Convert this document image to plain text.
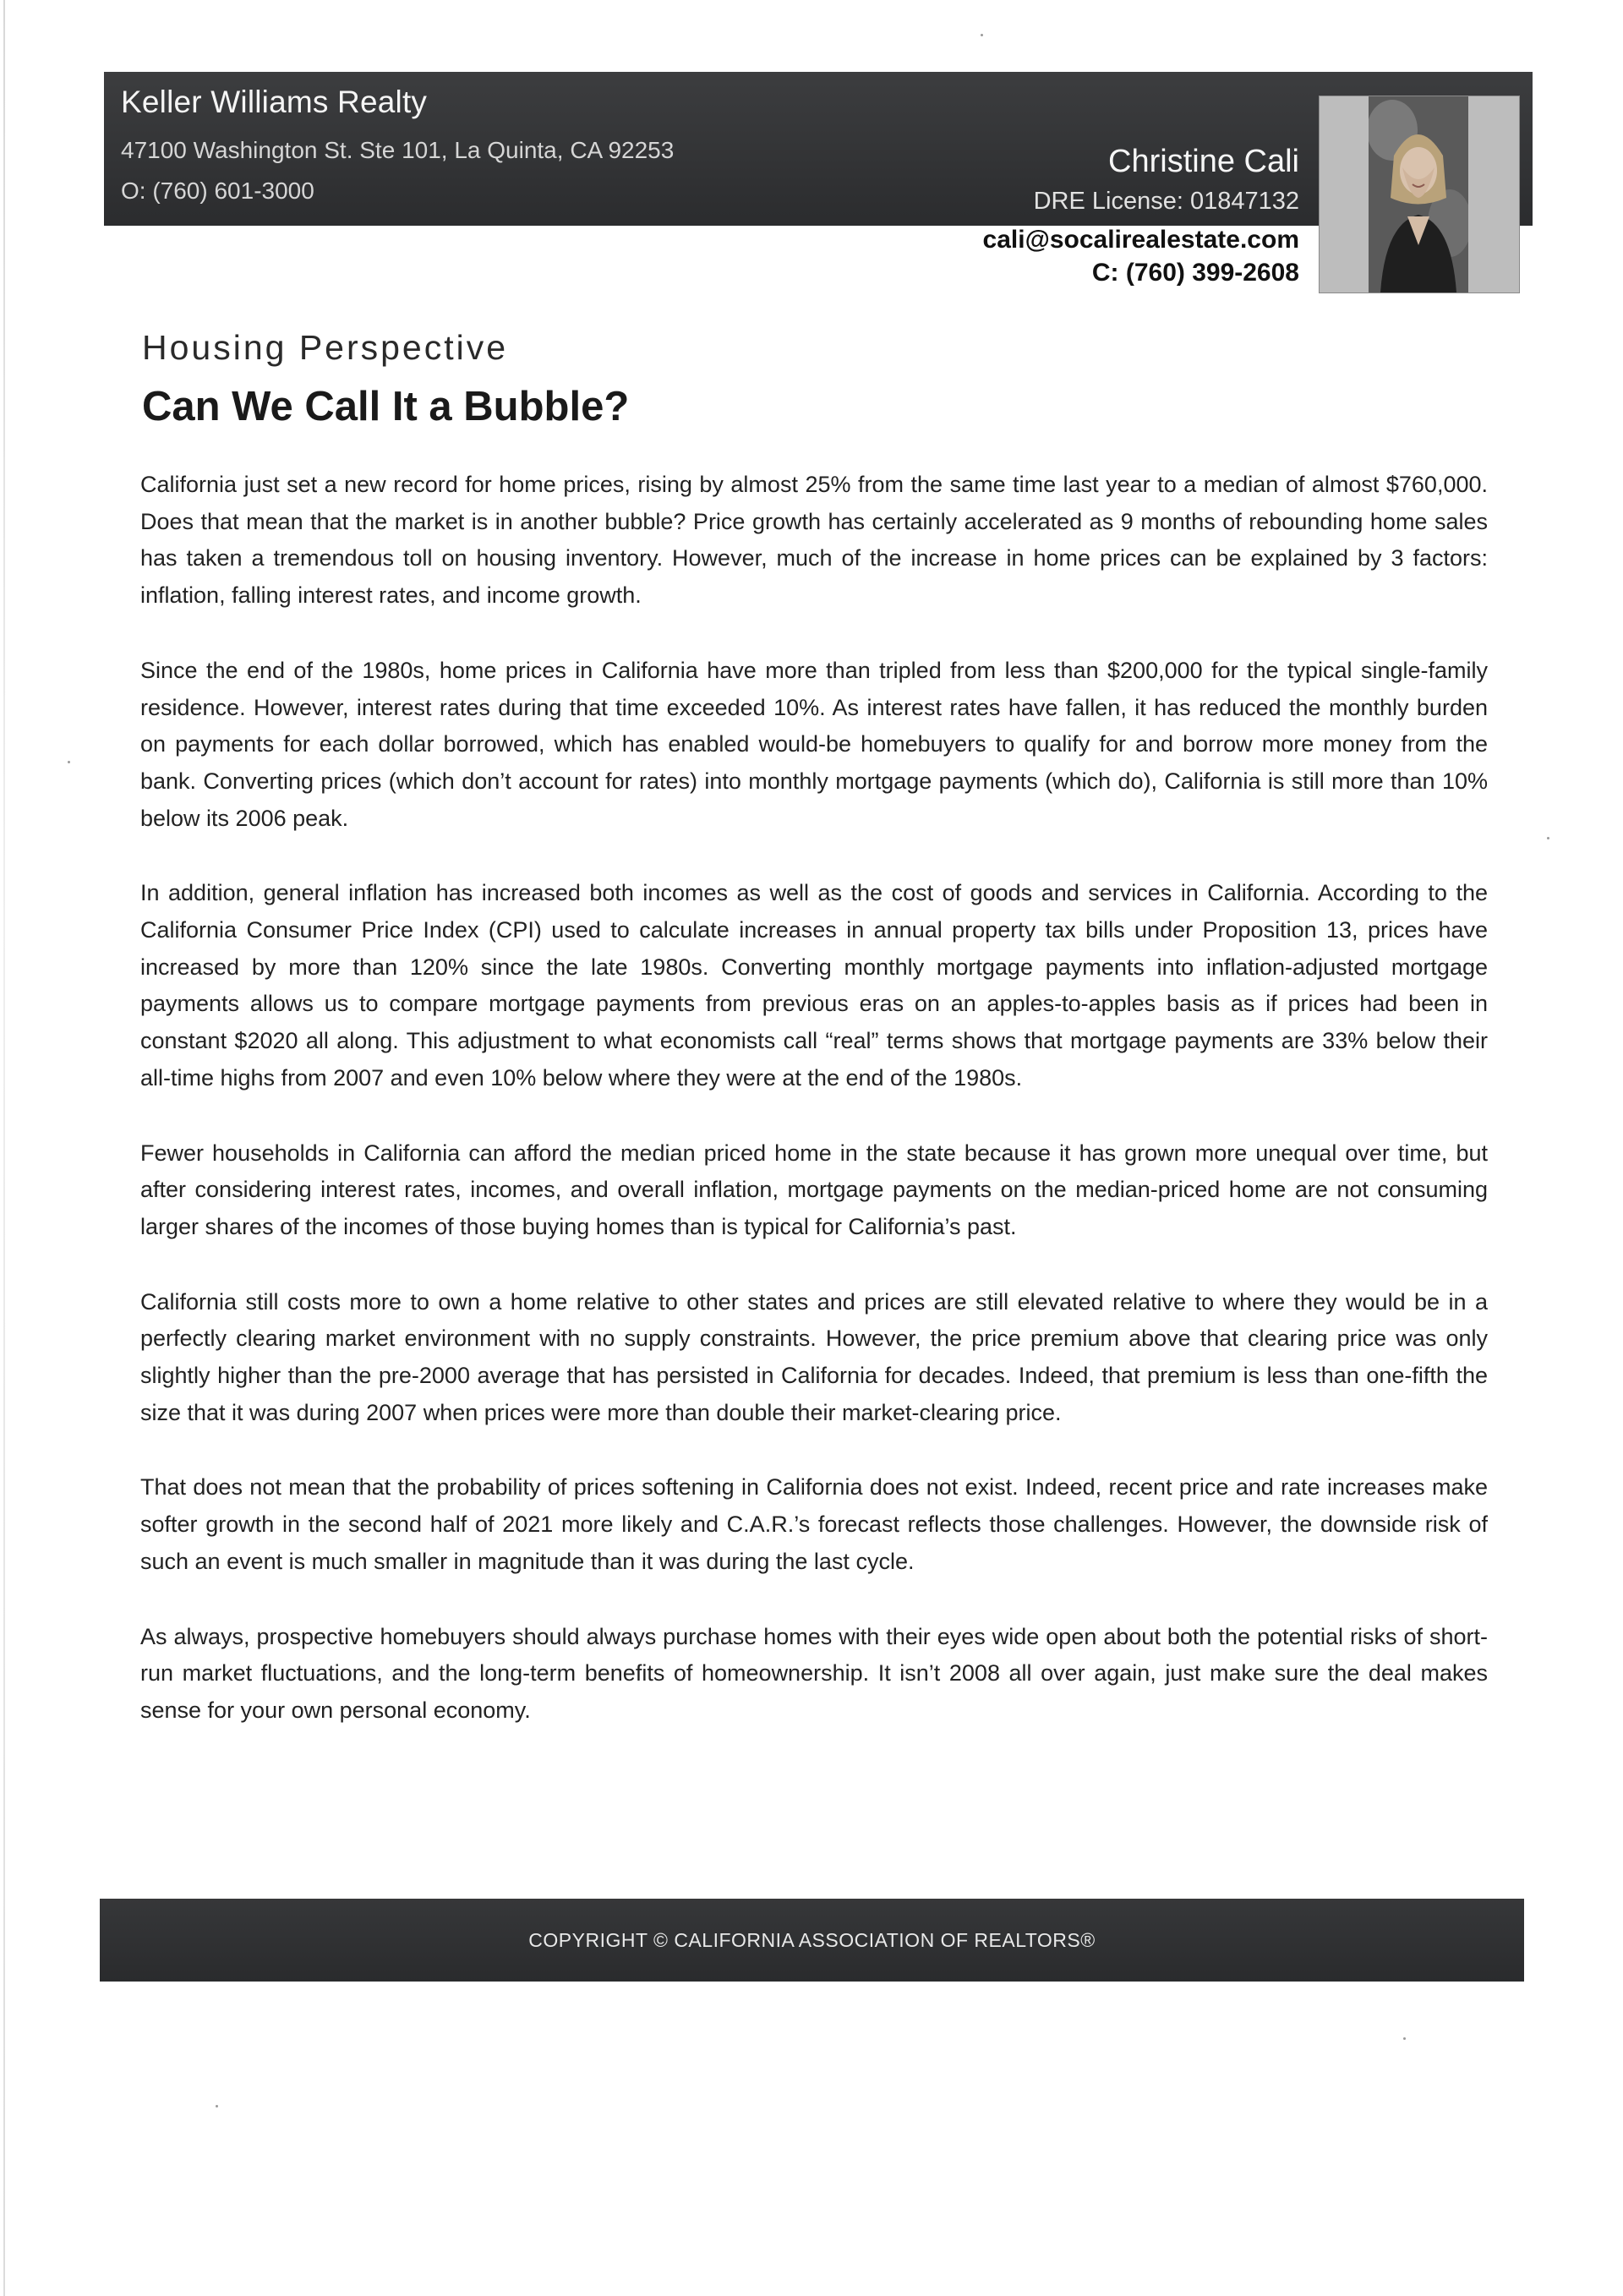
Keller Williams Realty
47100 Washington St. Ste 101, La Quinta, CA 92253
O: (760) 601-3000
Christine Cali
DRE License: 01847132
cali@socalirealestate.com
C: (760) 399-2608
Housing Perspective
Can We Call It a Bubble?

California just set a new record for home prices, rising by almost 25% from the same time last year to a median of almost $760,000. Does that mean that the market is in another bubble? Price growth has certainly accelerated as 9 months of rebounding home sales has taken a tremendous toll on housing inventory. However, much of the increase in home prices can be explained by 3 factors: inflation, falling interest rates, and income growth.

Since the end of the 1980s, home prices in California have more than tripled from less than $200,000 for the typical single-family residence. However, interest rates during that time exceeded 10%. As interest rates have fallen, it has reduced the monthly burden on payments for each dollar borrowed, which has enabled would-be homebuyers to qualify for and borrow more money from the bank. Converting prices (which don’t account for rates) into monthly mortgage payments (which do), California is still more than 10% below its 2006 peak.

In addition, general inflation has increased both incomes as well as the cost of goods and services in California. According to the California Consumer Price Index (CPI) used to calculate increases in annual property tax bills under Proposition 13, prices have increased by more than 120% since the late 1980s. Converting monthly mortgage payments into inflation-adjusted mortgage payments allows us to compare mortgage payments from previous eras on an apples-to-apples basis as if prices had been in constant $2020 all along. This adjustment to what economists call “real” terms shows that mortgage payments are 33% below their all-time highs from 2007 and even 10% below where they were at the end of the 1980s.

Fewer households in California can afford the median priced home in the state because it has grown more unequal over time, but after considering interest rates, incomes, and overall inflation, mortgage payments on the median-priced home are not consuming larger shares of the incomes of those buying homes than is typical for California’s past.

California still costs more to own a home relative to other states and prices are still elevated relative to where they would be in a perfectly clearing market environment with no supply constraints. However, the price premium above that clearing price was only slightly higher than the pre-2000 average that has persisted in California for decades. Indeed, that premium is less than one-fifth the size that it was during 2007 when prices were more than double their market-clearing price.

That does not mean that the probability of prices softening in California does not exist. Indeed, recent price and rate increases make softer growth in the second half of 2021 more likely and C.A.R.’s forecast reflects those challenges. However, the downside risk of such an event is much smaller in magnitude than it was during the last cycle.

As always, prospective homebuyers should always purchase homes with their eyes wide open about both the potential risks of short-run market fluctuations, and the long-term benefits of homeownership. It isn’t 2008 all over again, just make sure the deal makes sense for your own personal economy.

COPYRIGHT © CALIFORNIA ASSOCIATION OF REALTORS®
